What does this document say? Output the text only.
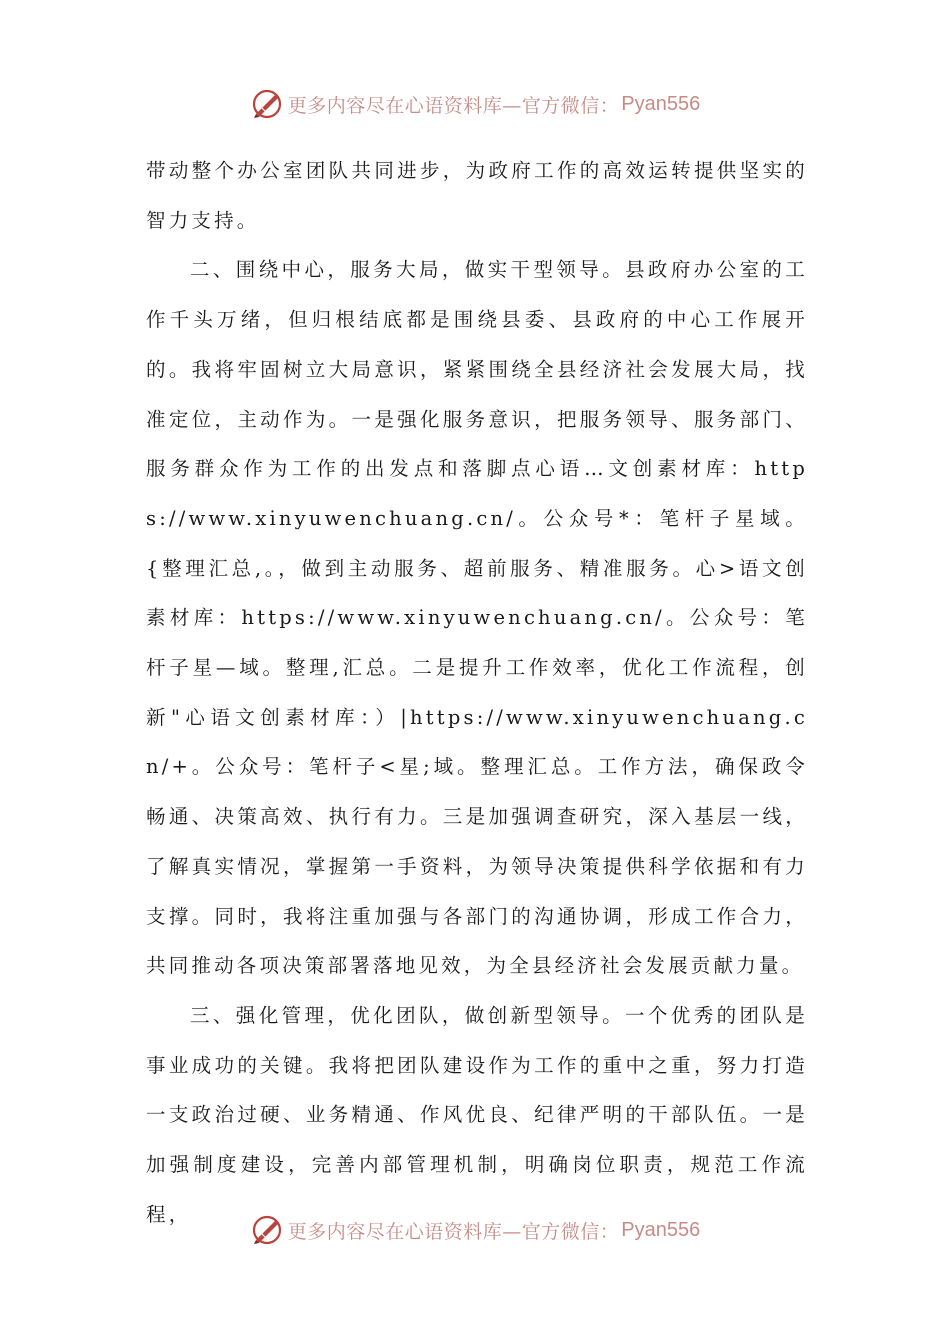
更多内容尽在心语资料库—官方微信： Pyan556

带动整个办公室团队共同进步，为政府工作的高效运转提供坚实的智力支持。

二、围绕中心，服务大局，做实干型领导。县政府办公室的工作千头万绪，但归根结底都是围绕县委、县政府的中心工作展开的。我将牢固树立大局意识，紧紧围绕全县经济社会发展大局，找准定位，主动作为。一是强化服务意识，把服务领导、服务部门、服务群众作为工作的出发点和落脚点心语…文创素材库：https://www.xinyuwenchuang.cn/。公众号*：笔杆子星域。{整理汇总,。，做到主动服务、超前服务、精准服务。心>语文创素材库：https://www.xinyuwenchuang.cn/。公众号：笔杆子星—域。整理,汇总。二是提升工作效率，优化工作流程，创新"心语文创素材库：）|https://www.xinyuwenchuang.cn/+。公众号：笔杆子<星;域。整理汇总。工作方法，确保政令畅通、决策高效、执行有力。三是加强调查研究，深入基层一线，了解真实情况，掌握第一手资料，为领导决策提供科学依据和有力支撑。同时，我将注重加强与各部门的沟通协调，形成工作合力，共同推动各项决策部署落地见效，为全县经济社会发展贡献力量。

三、强化管理，优化团队，做创新型领导。一个优秀的团队是事业成功的关键。我将把团队建设作为工作的重中之重，努力打造一支政治过硬、业务精通、作风优良、纪律严明的干部队伍。一是加强制度建设，完善内部管理机制，明确岗位职责，规范工作流程，

更多内容尽在心语资料库—官方微信： Pyan556
